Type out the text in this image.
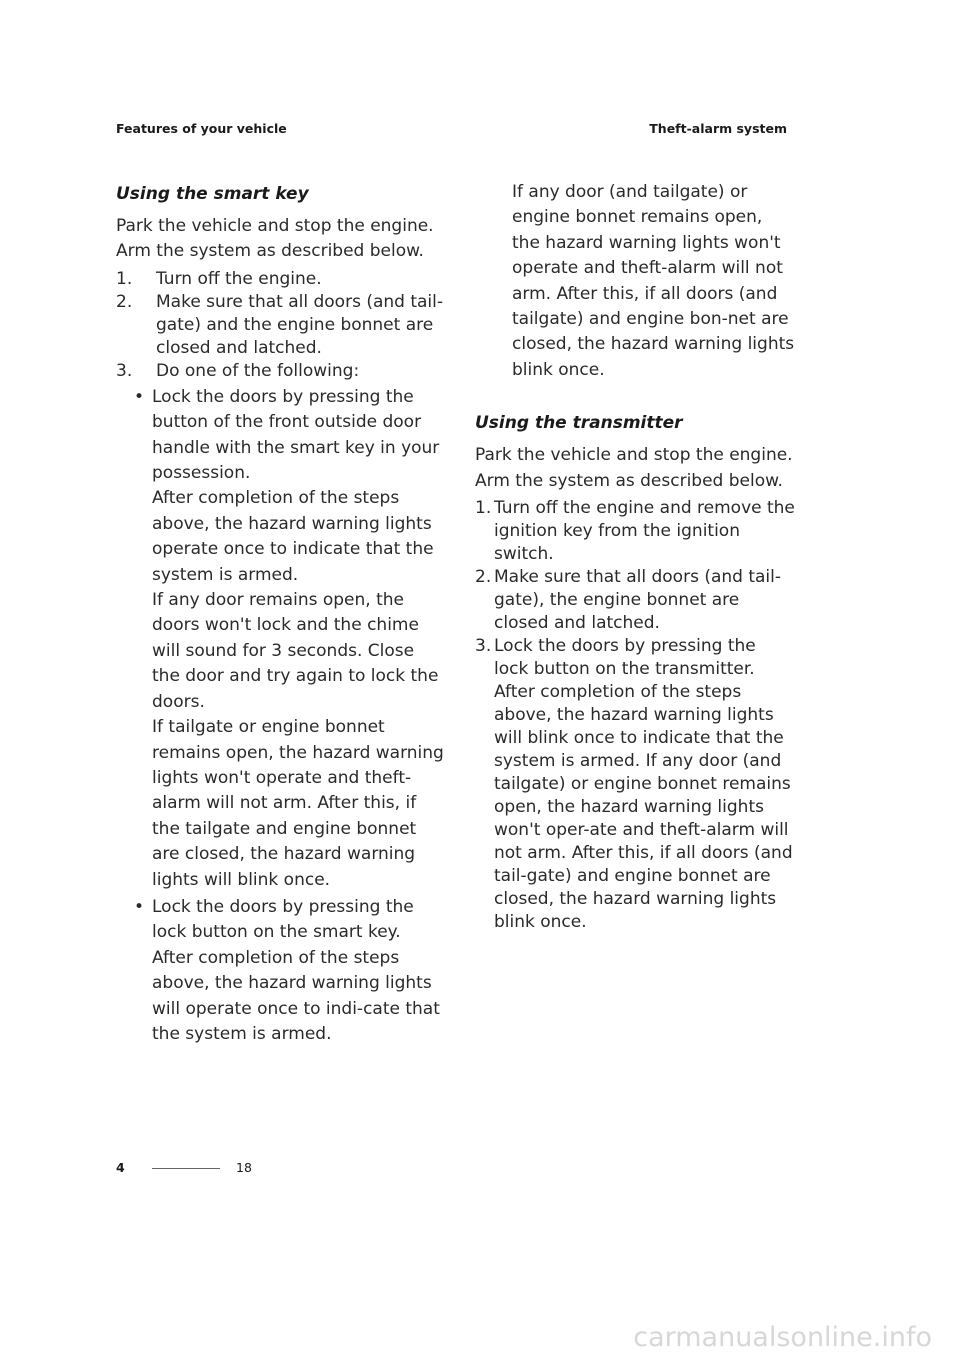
Features of your vehicle	Theft-alarm system
Using the smart key

Park the vehicle and stop the engine. Arm the system as described below.

1. Turn off the engine.
2. Make sure that all doors (and tail-gate) and the engine bonnet are closed and latched.
3. Do one of the following:
• Lock the doors by pressing the button of the front outside door handle with the smart key in your possession.

After completion of the steps above, the hazard warning lights operate once to indicate that the system is armed.

If any door remains open, the doors won't lock and the chime will sound for 3 seconds. Close the door and try again to lock the doors.

If tailgate or engine bonnet remains open, the hazard warning lights won't operate and theft-alarm will not arm. After this, if the tailgate and engine bonnet are closed, the hazard warning lights will blink once.

• Lock the doors by pressing the lock button on the smart key. After completion of the steps above, the hazard warning lights will operate once to indi-cate that the system is armed.

If any door (and tailgate) or engine bonnet remains open, the hazard warning lights won't operate and theft-alarm will not arm. After this, if all doors (and tailgate) and engine bon-net are closed, the hazard warning lights blink once.

Using the transmitter

Park the vehicle and stop the engine. Arm the system as described below.

1. Turn off the engine and remove the ignition key from the ignition switch.
2. Make sure that all doors (and tail-gate), the engine bonnet are closed and latched.
3. Lock the doors by pressing the lock button on the transmitter. After completion of the steps above, the hazard warning lights will blink once to indicate that the system is armed. If any door (and tailgate) or engine bonnet remains open, the hazard warning lights won't oper-ate and theft-alarm will not arm. After this, if all doors (and tail-gate) and engine bonnet are closed, the hazard warning lights blink once.
4	18
carmanualsonline.info
